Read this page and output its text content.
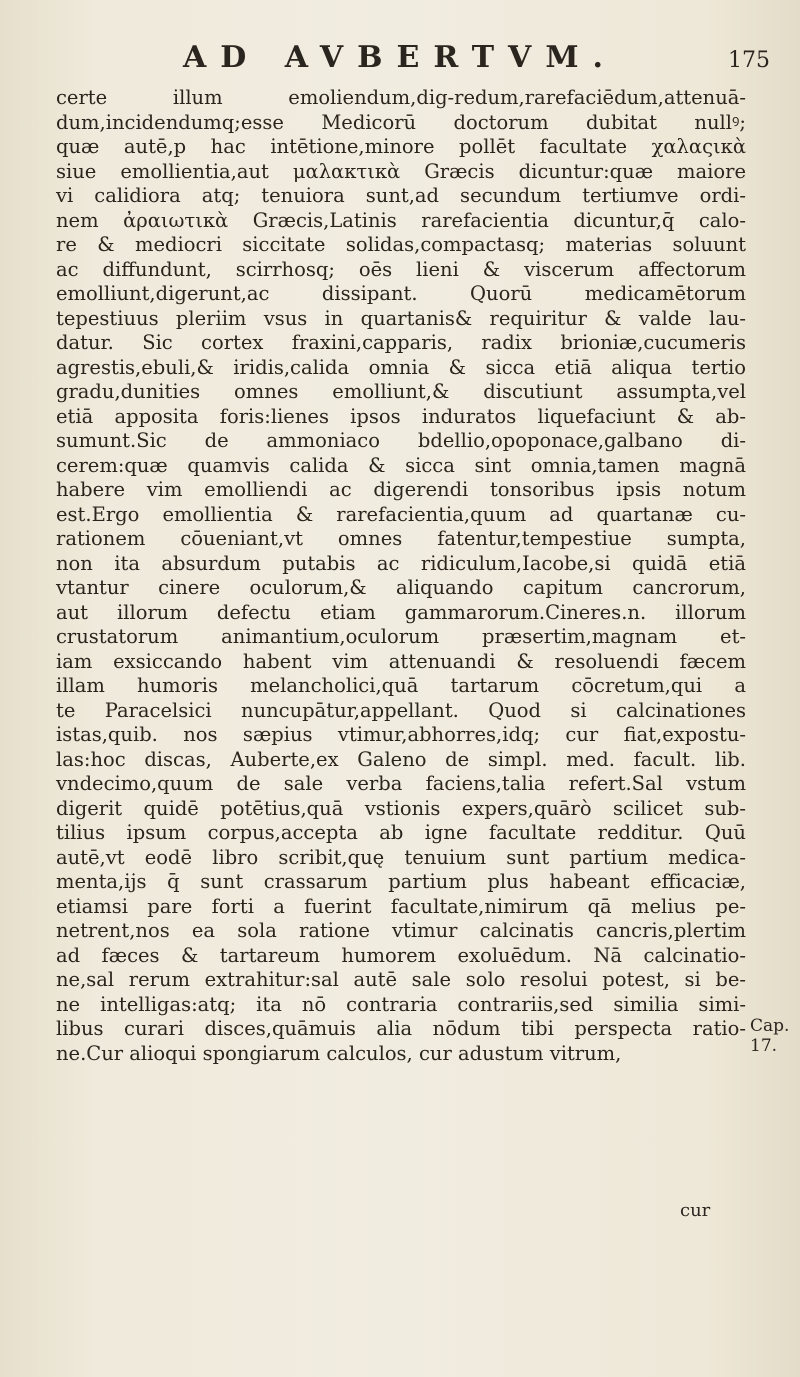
AD AVBERTVM.	175
certe illum emoliendum,dig-redum,rarefaciēdum,attenuā-
dum,incidendumq;esse Medicorū doctorum dubitat nullꝰ;
quæ autē,p hac intētione,minore pollēt facultate χαλαςικὰ
siue emollientia,aut μαλακτικὰ Græcis dicuntur:quæ maiore
vi calidiora atq; tenuiora sunt,ad secundum tertiumve ordi-
nem ἀραιωτικὰ Græcis,Latinis rarefacientia dicuntur,q̄ calo-
re & mediocri siccitate solidas,compactasq; materias soluunt
ac diffundunt, scirrhosq; oēs lieni & viscerum affectorum
emolliunt,digerunt,ac dissipant. Quorū medicamētorum
tepestiuus pleriim vsus in quartanis& requiritur & valde lau-
datur. Sic cortex fraxini,capparis, radix brioniæ,cucumeris
agrestis,ebuli,& iridis,calida omnia & sicca etiā aliqua tertio
gradu,dunities omnes emolliunt,& discutiunt assumpta,vel
etiā apposita foris:lienes ipsos induratos liquefaciunt & ab-
sumunt.Sic de ammoniaco bdellio,opoponace,galbano di-
cerem:quæ quamvis calida & sicca sint omnia,tamen magnā
habere vim emolliendi ac digerendi tonsoribus ipsis notum
est.Ergo emollientia & rarefacientia,quum ad quartanæ cu-
rationem cōueniant,vt omnes fatentur,tempestiue sumpta,
non ita absurdum putabis ac ridiculum,Iacobe,si quidā etiā
vtantur cinere oculorum,& aliquando capitum cancrorum,
aut illorum defectu etiam gammarorum.Cineres.n. illorum
crustatorum animantium,oculorum præsertim,magnam et-
iam exsiccando habent vim attenuandi & resoluendi fæcem
illam humoris melancholici,quā tartarum cōcretum,qui a
te Paracelsici nuncupātur,appellant. Quod si calcinationes
istas,quib. nos sæpius vtimur,abhorres,idq; cur fiat,expostu-
las:hoc discas, Auberte,ex Galeno de simpl. med. facult. lib.
vndecimo,quum de sale verba faciens,talia refert.Sal vstum
digerit quidē potētius,quā vstionis expers,quārò scilicet sub-
tilius ipsum corpus,accepta ab igne facultate redditur. Quū
autē,vt eodē libro scribit,quę tenuium sunt partium medica-
menta,ijs q̄ sunt crassarum partium plus habeant efficaciæ,
etiamsi pare forti a fuerint facultate,nimirum qā melius pe-
netrent,nos ea sola ratione vtimur calcinatis cancris,plertim
ad fæces & tartareum humorem exoluēdum. Nā calcinatio-
ne,sal rerum extrahitur:sal autē sale solo resolui potest, si be-
ne intelligas:atq; ita nō contraria contrariis,sed similia simi-
libus curari disces,quāmuis alia nōdum tibi perspecta ratio-
ne.Cur alioqui spongiarum calculos, cur adustum vitrum,
Cap. 17.
cur
